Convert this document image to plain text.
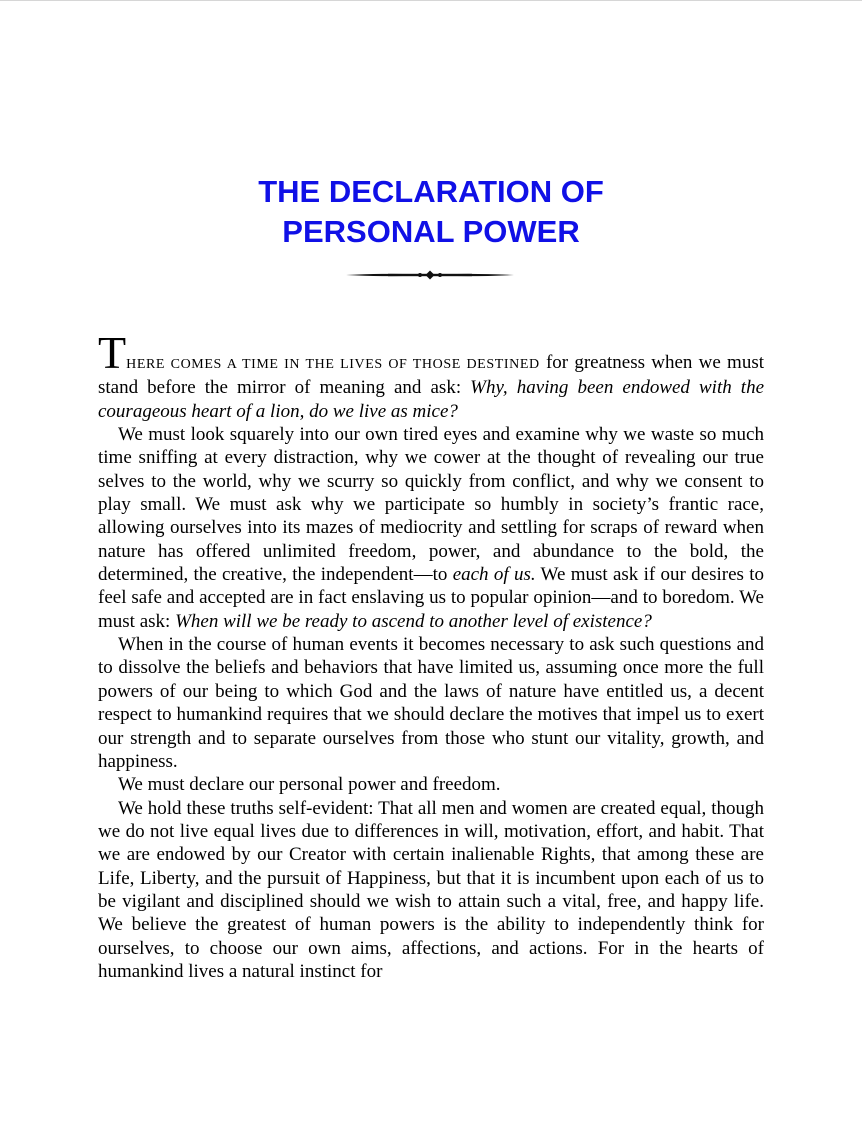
THE DECLARATION OF
PERSONAL POWER

THERE COMES A TIME IN THE LIVES OF THOSE DESTINED for greatness when we must stand before the mirror of meaning and ask: Why, having been endowed with the courageous heart of a lion, do we live as mice?

We must look squarely into our own tired eyes and examine why we waste so much time sniffing at every distraction, why we cower at the thought of revealing our true selves to the world, why we scurry so quickly from conflict, and why we consent to play small. We must ask why we participate so humbly in society’s frantic race, allowing ourselves into its mazes of mediocrity and settling for scraps of reward when nature has offered unlimited freedom, power, and abundance to the bold, the determined, the creative, the independent—to each of us. We must ask if our desires to feel safe and accepted are in fact enslaving us to popular opinion—and to boredom. We must ask: When will we be ready to ascend to another level of existence?

When in the course of human events it becomes necessary to ask such questions and to dissolve the beliefs and behaviors that have limited us, assuming once more the full powers of our being to which God and the laws of nature have entitled us, a decent respect to humankind requires that we should declare the motives that impel us to exert our strength and to separate ourselves from those who stunt our vitality, growth, and happiness.

We must declare our personal power and freedom.

We hold these truths self-evident: That all men and women are created equal, though we do not live equal lives due to differences in will, motivation, effort, and habit. That we are endowed by our Creator with certain inalienable Rights, that among these are Life, Liberty, and the pursuit of Happiness, but that it is incumbent upon each of us to be vigilant and disciplined should we wish to attain such a vital, free, and happy life. We believe the greatest of human powers is the ability to independently think for ourselves, to choose our own aims, affections, and actions. For in the hearts of humankind lives a natural instinct for
